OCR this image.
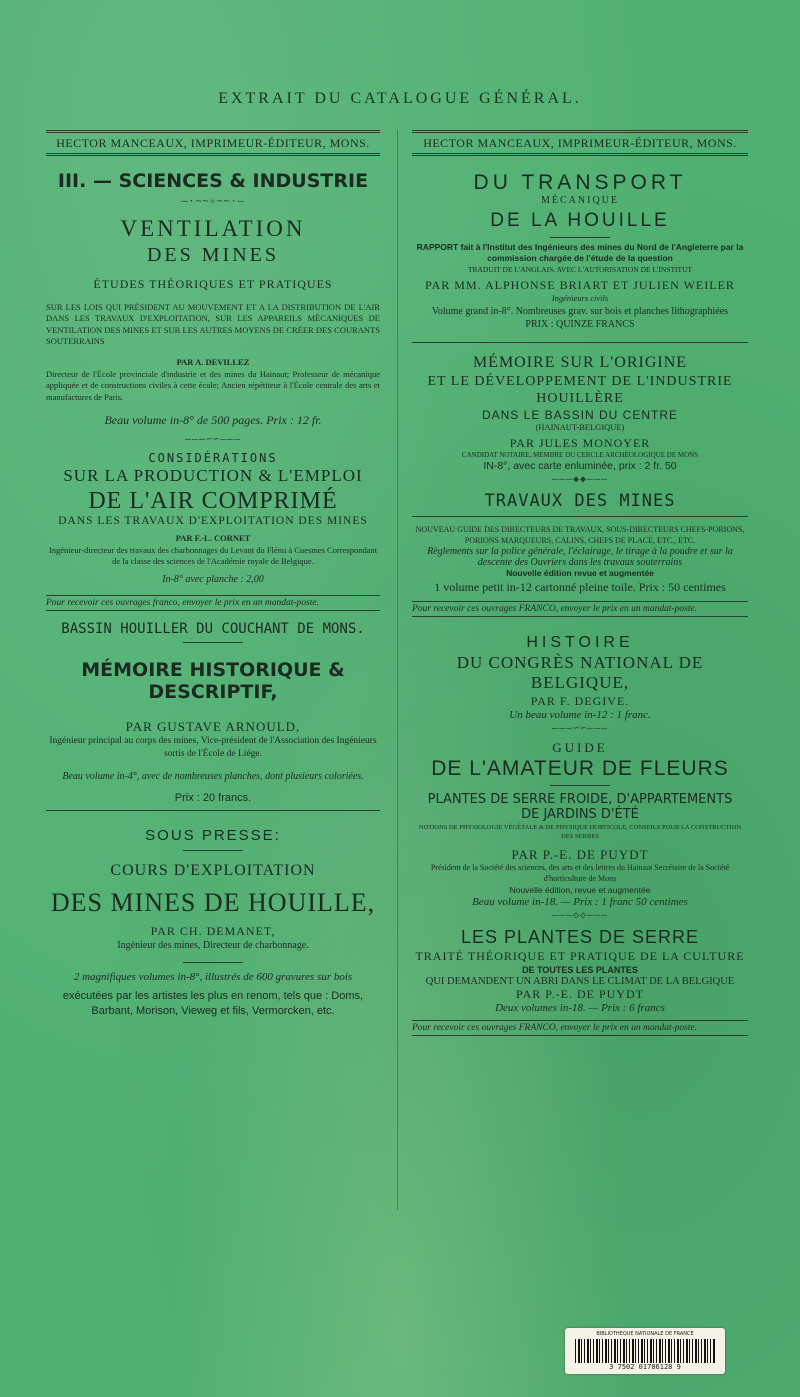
EXTRAIT DU CATALOGUE GÉNÉRAL.
HECTOR MANCEAUX, IMPRIMEUR-ÉDITEUR, MONS.
III. — SCIENCES & INDUSTRIE
—·~~✧~~·—
VENTILATION
DES MINES
ÉTUDES THÉORIQUES ET PRATIQUES
SUR LES LOIS QUI PRÉSIDENT AU MOUVEMENT ET A LA DISTRIBUTION DE L'AIR DANS LES TRAVAUX D'EXPLOITATION, SUR LES APPAREILS MÉCANIQUES DE VENTILATION DES MINES ET SUR LES AUTRES MOYENS DE CRÉER DES COURANTS SOUTERRAINS
PAR A. DEVILLEZ
Directeur de l'École provinciale d'industrie et des mines du Hainaut; Professeur de mécanique appliquée et de constructions civiles à cette école; Ancien répétiteur à l'École centrale des arts et manufactures de Paris.
Beau volume in-8° de 500 pages. Prix : 12 fr.
———∽∽———
CONSIDÉRATIONS
SUR LA PRODUCTION & L'EMPLOI
DE L'AIR COMPRIMÉ
DANS LES TRAVAUX D'EXPLOITATION DES MINES
PAR F.-L. CORNET
Ingénieur-directeur des travaux des charbonnages du Levant du Flénu à Cuesmes Correspondant de la classe des sciences de l'Académie royale de Belgique.
In-8° avec planche : 2,00
Pour recevoir ces ouvrages franco, envoyer le prix en un mandat-poste.
BASSIN HOUILLER DU COUCHANT DE MONS.
MÉMOIRE HISTORIQUE & DESCRIPTIF,
PAR GUSTAVE ARNOULD,
Ingénieur principal au corps des mines, Vice-président de l'Association des Ingénieurs sortis de l'École de Liége.
Beau volume in-4°, avec de nombreuses planches, dont plusieurs coloriées.
Prix : 20 francs.
SOUS PRESSE:
COURS D'EXPLOITATION
DES MINES DE HOUILLE,
PAR CH. DEMANET,
Ingénieur des mines, Directeur de charbonnage.
2 magnifiques volumes in-8°, illustrés de 600 gravures sur bois
exécutées par les artistes les plus en renom, tels que : Doms, Barbant, Morison, Vieweg et fils, Vermorcken, etc.
HECTOR MANCEAUX, IMPRIMEUR-ÉDITEUR, MONS.
DU TRANSPORT
MÉCANIQUE
DE LA HOUILLE
RAPPORT fait à l'Institut des Ingénieurs des mines du Nord de l'Angleterre par la commission chargée de l'étude de la question
TRADUIT DE L'ANGLAIS, AVEC L'AUTORISATION DE L'INSTITUT
PAR MM. ALPHONSE BRIART ET JULIEN WEILER
Ingénieurs civils
Volume grand in-8°. Nombreuses grav. sur bois et planches lithographiées
PRIX : QUINZE FRANCS
MÉMOIRE SUR L'ORIGINE
ET LE DÉVELOPPEMENT DE L'INDUSTRIE HOUILLÈRE
DANS LE BASSIN DU CENTRE
(HAINAUT-BELGIQUE)
PAR JULES MONOYER
CANDIDAT NOTAIRE, MEMBRE DU CERCLE ARCHÉOLOGIQUE DE MONS
IN-8°, avec carte enluminée, prix : 2 fr. 50
———◆◆———
TRAVAUX DES MINES
NOUVEAU GUIDE DES DIRECTEURS DE TRAVAUX, SOUS-DIRECTEURS CHEFS-PORIONS, PORIONS MARQUEURS, CALINS, CHEFS DE PLACE, ETC., ETC.
Règlements sur la police générale, l'éclairage, le tirage à la poudre et sur la descente des Ouvriers dans les travaux souterrains
Nouvelle édition revue et augmentée
1 volume petit in-12 cartonné pleine toile. Prix : 50 centimes
Pour recevoir ces ouvrages FRANCO, envoyer le prix en un mandat-poste.
HISTOIRE
DU CONGRÈS NATIONAL DE BELGIQUE,
PAR F. DEGIVE.
Un beau volume in-12 : 1 franc.
———∽∽———
GUIDE
DE L'AMATEUR DE FLEURS
PLANTES DE SERRE FROIDE, D'APPARTEMENTS
DE JARDINS D'ÉTÉ
NOTIONS DE PHYSIOLOGIE VÉGÉTALE & DE PHYSIQUE HORTICOLE, CONSEILS POUR LA CONSTRUCTION DES SERRES
PAR P.-E. DE PUYDT
Président de la Société des sciences, des arts et des lettres du Hainaut Secrétaire de la Société d'horticulture de Mons
Nouvelle édition, revue et augmentée
Beau volume in-18. — Prix : 1 franc 50 centimes
———◇◇———
LES PLANTES DE SERRE
TRAITÉ THÉORIQUE ET PRATIQUE DE LA CULTURE
DE TOUTES LES PLANTES
QUI DEMANDENT UN ABRI DANS LE CLIMAT DE LA BELGIQUE
PAR P.-E. DE PUYDT
Deux volumes in-18. — Prix : 6 francs
Pour recevoir ces ouvrages FRANCO, envoyer le prix en un mandat-poste.
BIBLIOTHEQUE NATIONALE DE FRANCE
3 7502 01786128 9
